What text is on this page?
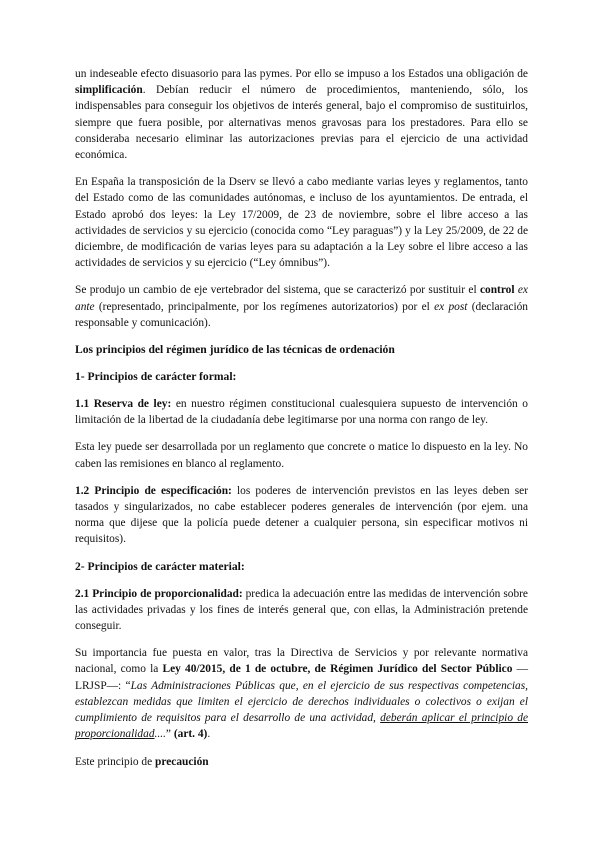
un indeseable efecto disuasorio para las pymes. Por ello se impuso a los Estados una obligación de simplificación. Debían reducir el número de procedimientos, manteniendo, sólo, los indispensables para conseguir los objetivos de interés general, bajo el compromiso de sustituirlos, siempre que fuera posible, por alternativas menos gravosas para los prestadores. Para ello se consideraba necesario eliminar las autorizaciones previas para el ejercicio de una actividad económica.

En España la transposición de la Dserv se llevó a cabo mediante varias leyes y reglamentos, tanto del Estado como de las comunidades autónomas, e incluso de los ayuntamientos. De entrada, el Estado aprobó dos leyes: la Ley 17/2009, de 23 de noviembre, sobre el libre acceso a las actividades de servicios y su ejercicio (conocida como “Ley paraguas”) y la Ley 25/2009, de 22 de diciembre, de modificación de varias leyes para su adaptación a la Ley sobre el libre acceso a las actividades de servicios y su ejercicio (“Ley ómnibus”).

Se produjo un cambio de eje vertebrador del sistema, que se caracterizó por sustituir el control ex ante (representado, principalmente, por los regímenes autorizatorios) por el ex post (declaración responsable y comunicación).

Los principios del régimen jurídico de las técnicas de ordenación
1- Principios de carácter formal:

1.1 Reserva de ley: en nuestro régimen constitucional cualesquiera supuesto de intervención o limitación de la libertad de la ciudadanía debe legitimarse por una norma con rango de ley.

Esta ley puede ser desarrollada por un reglamento que concrete o matice lo dispuesto en la ley. No caben las remisiones en blanco al reglamento.

1.2 Principio de especificación: los poderes de intervención previstos en las leyes deben ser tasados y singularizados, no cabe establecer poderes generales de intervención (por ejem. una norma que dijese que la policía puede detener a cualquier persona, sin especificar motivos ni requisitos).

2- Principios de carácter material:

2.1 Principio de proporcionalidad: predica la adecuación entre las medidas de intervención sobre las actividades privadas y los fines de interés general que, con ellas, la Administración pretende conseguir.

Su importancia fue puesta en valor, tras la Directiva de Servicios y por relevante normativa nacional, como la Ley 40/2015, de 1 de octubre, de Régimen Jurídico del Sector Público —LRJSP—: “Las Administraciones Públicas que, en el ejercicio de sus respectivas competencias, establezcan medidas que limiten el ejercicio de derechos individuales o colectivos o exijan el cumplimiento de requisitos para el desarrollo de una actividad, deberán aplicar el principio de proporcionalidad....” (art. 4).

Este principio de precaución
